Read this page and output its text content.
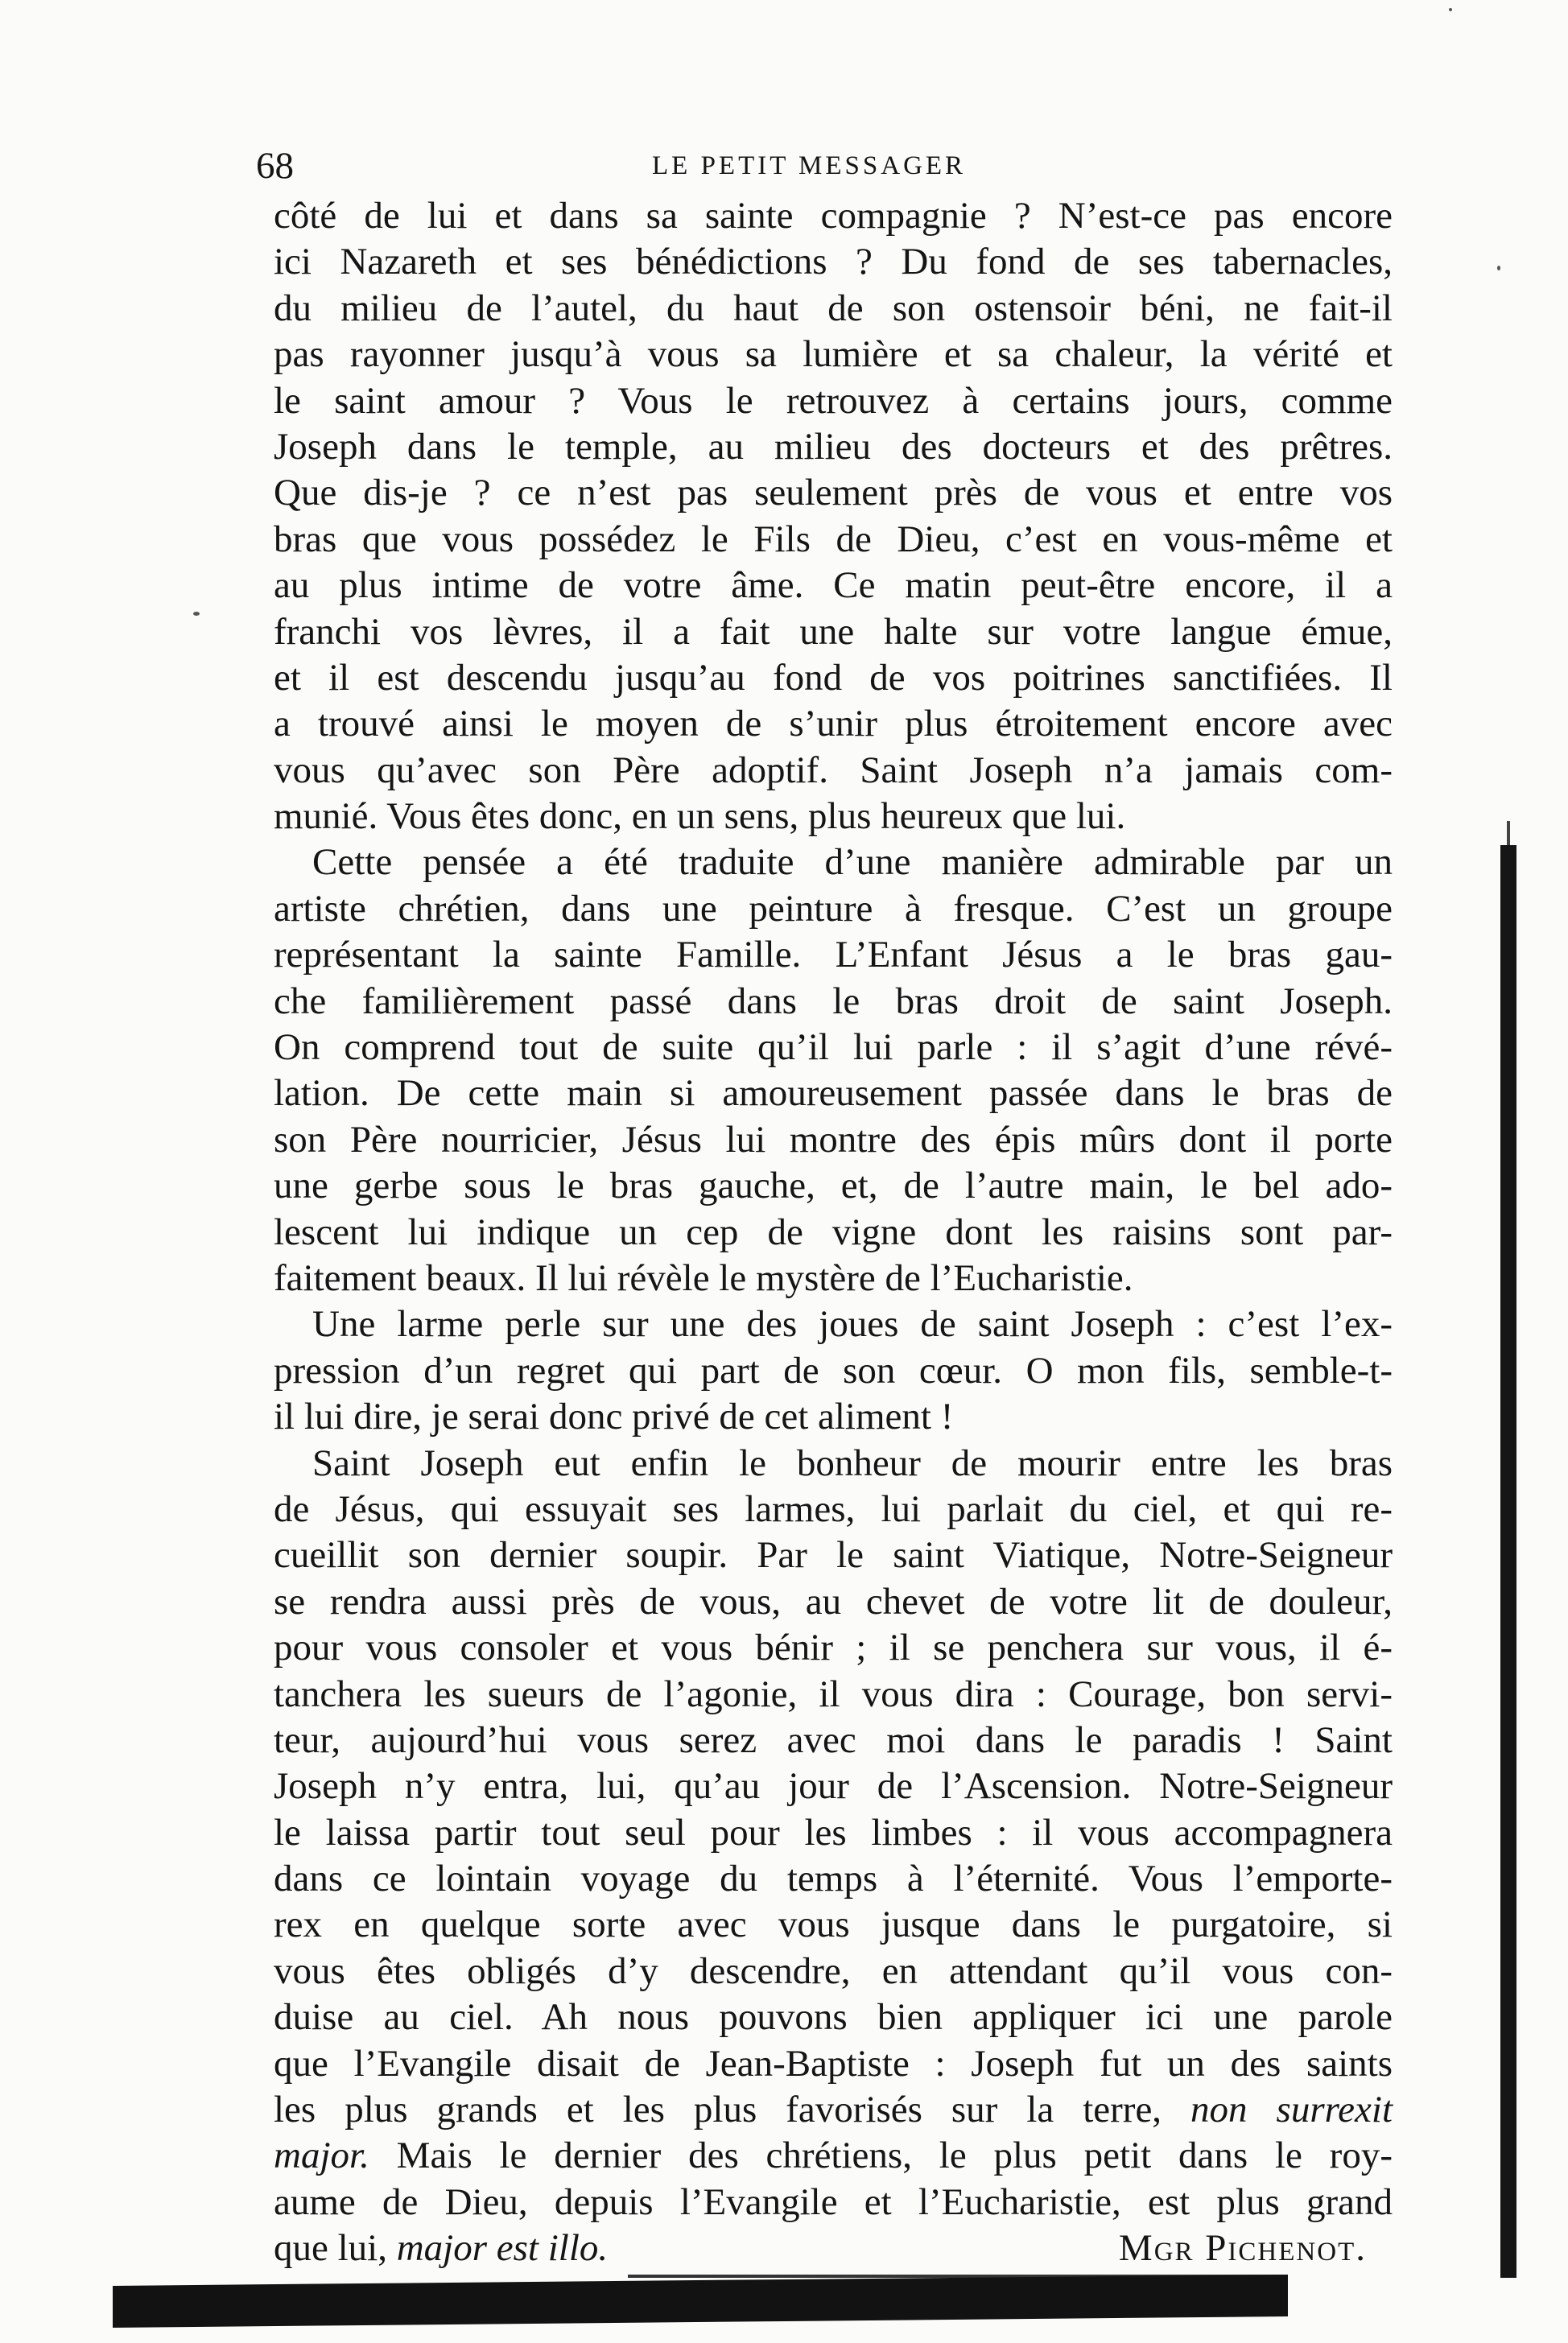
68	LE PETIT MESSAGER
côté de lui et dans sa sainte compagnie ? N’est-ce pas encore
ici Nazareth et ses bénédictions ? Du fond de ses tabernacles,
du milieu de l’autel, du haut de son ostensoir béni, ne fait-il
pas rayonner jusqu’à vous sa lumière et sa chaleur, la vérité et
le saint amour ? Vous le retrouvez à certains jours, comme
Joseph dans le temple, au milieu des docteurs et des prêtres.
Que dis-je ? ce n’est pas seulement près de vous et entre vos
bras que vous possédez le Fils de Dieu, c’est en vous-même et
au plus intime de votre âme. Ce matin peut-être encore, il a
franchi vos lèvres, il a fait une halte sur votre langue émue,
et il est descendu jusqu’au fond de vos poitrines sanctifiées. Il
a trouvé ainsi le moyen de s’unir plus étroitement encore avec
vous qu’avec son Père adoptif. Saint Joseph n’a jamais com-
munié. Vous êtes donc, en un sens, plus heureux que lui.
Cette pensée a été traduite d’une manière admirable par un
artiste chrétien, dans une peinture à fresque. C’est un groupe
représentant la sainte Famille. L’Enfant Jésus a le bras gau-
che familièrement passé dans le bras droit de saint Joseph.
On comprend tout de suite qu’il lui parle : il s’agit d’une révé-
lation. De cette main si amoureusement passée dans le bras de
son Père nourricier, Jésus lui montre des épis mûrs dont il porte
une gerbe sous le bras gauche, et, de l’autre main, le bel ado-
lescent lui indique un cep de vigne dont les raisins sont par-
faitement beaux. Il lui révèle le mystère de l’Eucharistie.
Une larme perle sur une des joues de saint Joseph : c’est l’ex-
pression d’un regret qui part de son cœur. O mon fils, semble-t-
il lui dire, je serai donc privé de cet aliment !
Saint Joseph eut enfin le bonheur de mourir entre les bras
de Jésus, qui essuyait ses larmes, lui parlait du ciel, et qui re-
cueillit son dernier soupir. Par le saint Viatique, Notre-Seigneur
se rendra aussi près de vous, au chevet de votre lit de douleur,
pour vous consoler et vous bénir ; il se penchera sur vous, il é-
tanchera les sueurs de l’agonie, il vous dira : Courage, bon servi-
teur, aujourd’hui vous serez avec moi dans le paradis ! Saint
Joseph n’y entra, lui, qu’au jour de l’Ascension. Notre-Seigneur
le laissa partir tout seul pour les limbes : il vous accompagnera
dans ce lointain voyage du temps à l’éternité. Vous l’emporte-
rex en quelque sorte avec vous jusque dans le purgatoire, si
vous êtes obligés d’y descendre, en attendant qu’il vous con-
duise au ciel. Ah nous pouvons bien appliquer ici une parole
que l’Evangile disait de Jean-Baptiste : Joseph fut un des saints
les plus grands et les plus favorisés sur la terre, non surrexit
major. Mais le dernier des chrétiens, le plus petit dans le roy-
aume de Dieu, depuis l’Evangile et l’Eucharistie, est plus grand
que lui, major est illo.	Mgr Pichenot.
